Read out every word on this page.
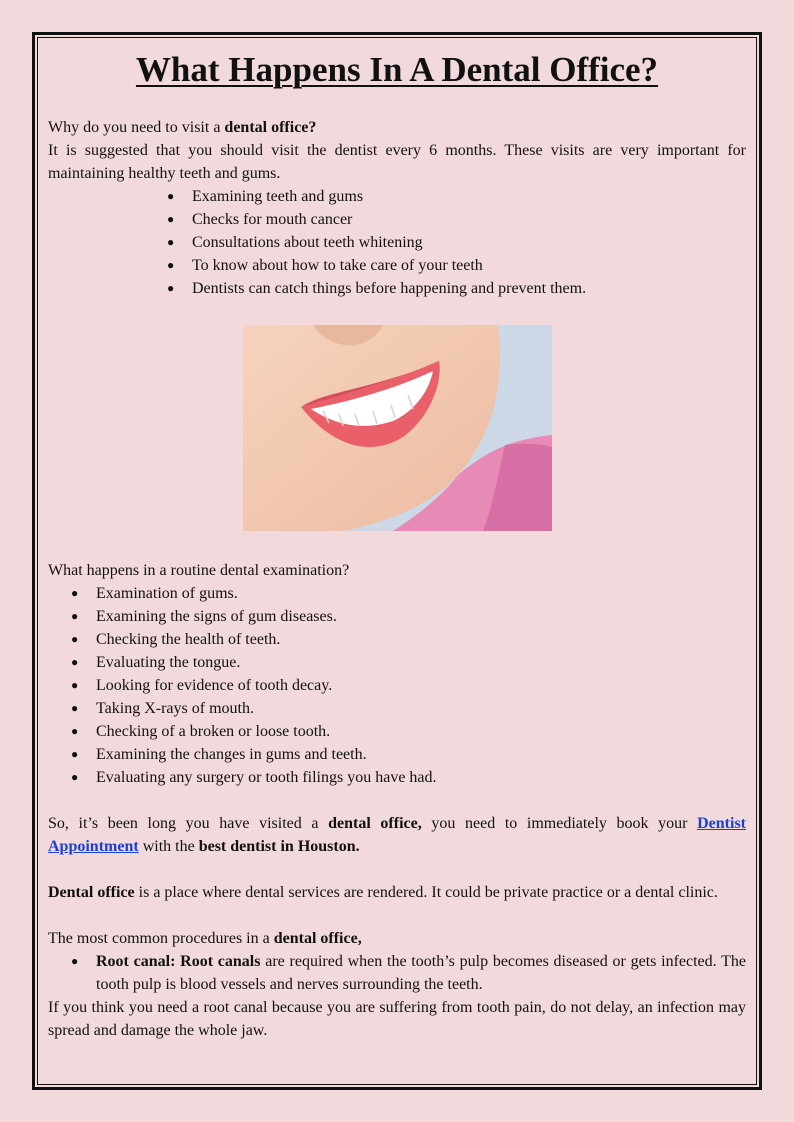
What Happens In A Dental Office?

Why do you need to visit a dental office?

It is suggested that you should visit the dentist every 6 months. These visits are very important for maintaining healthy teeth and gums.

● Examining teeth and gums
● Checks for mouth cancer
● Consultations about teeth whitening
● To know about how to take care of your teeth
● Dentists can catch things before happening and prevent them.

What happens in a routine dental examination?

● Examination of gums.
● Examining the signs of gum diseases.
● Checking the health of teeth.
● Evaluating the tongue.
● Looking for evidence of tooth decay.
● Taking X-rays of mouth.
● Checking of a broken or loose tooth.
● Examining the changes in gums and teeth.
● Evaluating any surgery or tooth filings you have had.

So, it’s been long you have visited a dental office, you need to immediately book your Dentist Appointment with the best dentist in Houston.

Dental office is a place where dental services are rendered. It could be private practice or a dental clinic.

The most common procedures in a dental office,

● Root canal: Root canals are required when the tooth’s pulp becomes diseased or gets infected. The tooth pulp is blood vessels and nerves surrounding the teeth.

If you think you need a root canal because you are suffering from tooth pain, do not delay, an infection may spread and damage the whole jaw.
